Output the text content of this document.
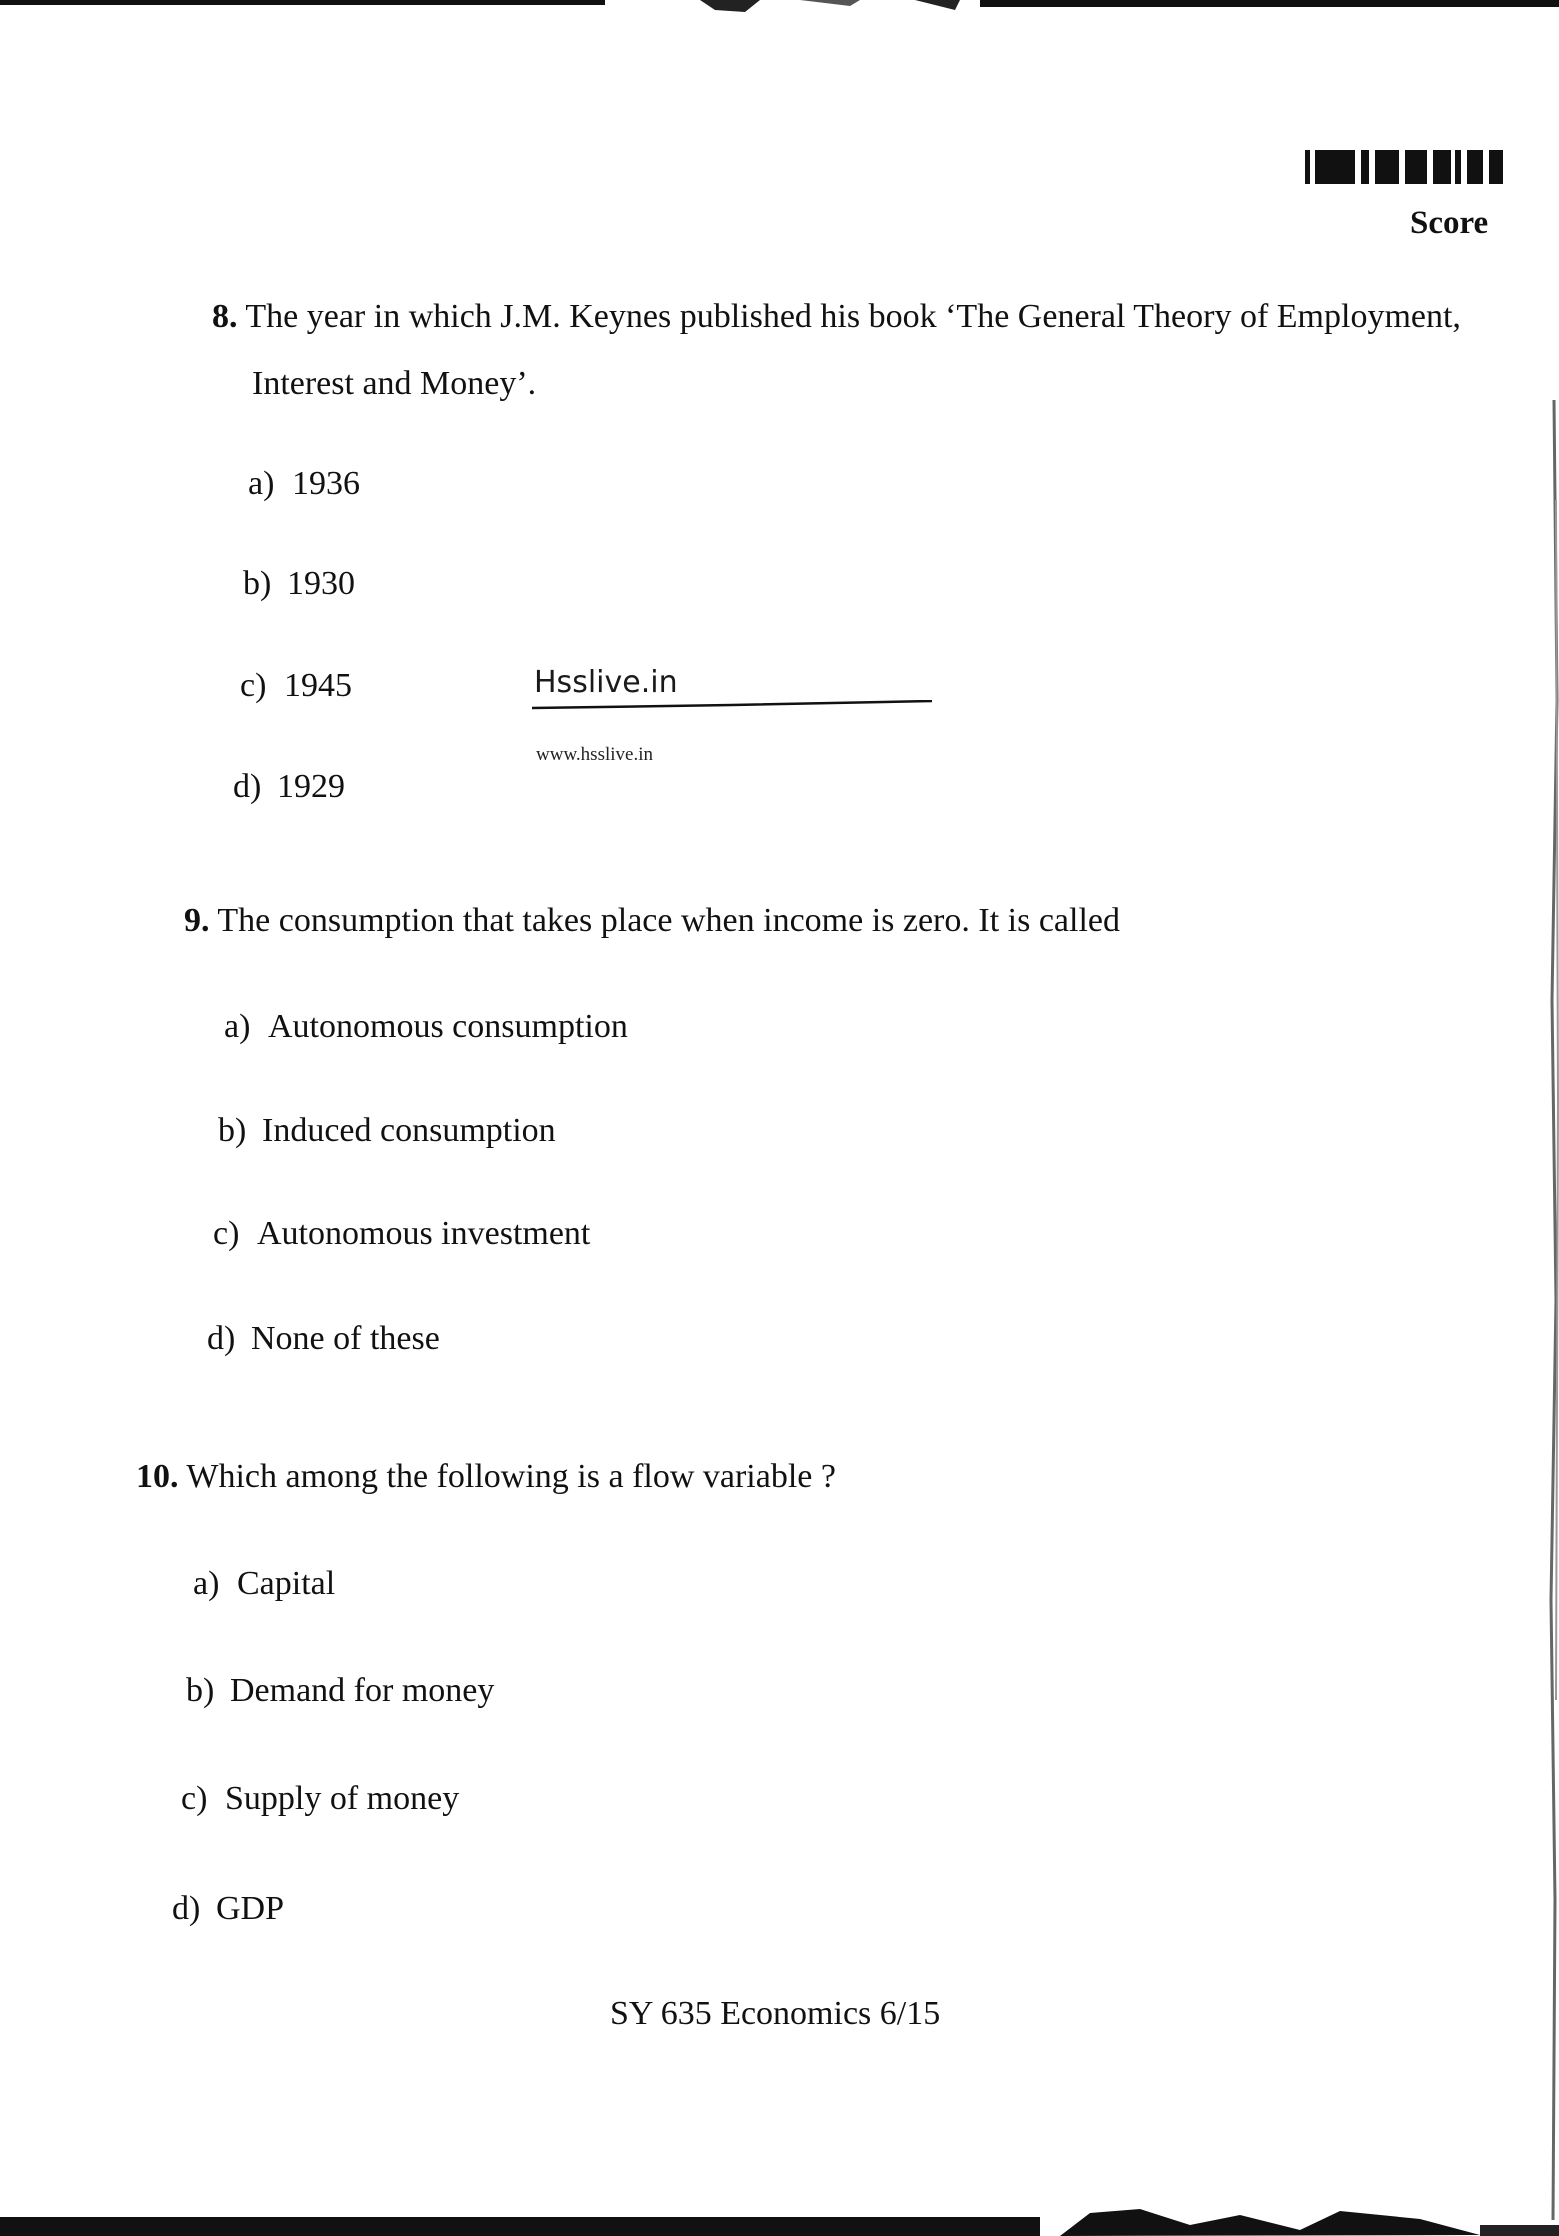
Score
8. The year in which J.M. Keynes published his book ‘The General Theory of Employment,
Interest and Money’.
a) 1936
b) 1930
c) 1945
d) 1929
Hsslive.in
www.hsslive.in
9. The consumption that takes place when income is zero. It is called
a) Autonomous consumption
b) Induced consumption
c) Autonomous investment
d) None of these
10. Which among the following is a flow variable ?
a) Capital
b) Demand for money
c) Supply of money
d) GDP
SY 635 Economics 6/15
